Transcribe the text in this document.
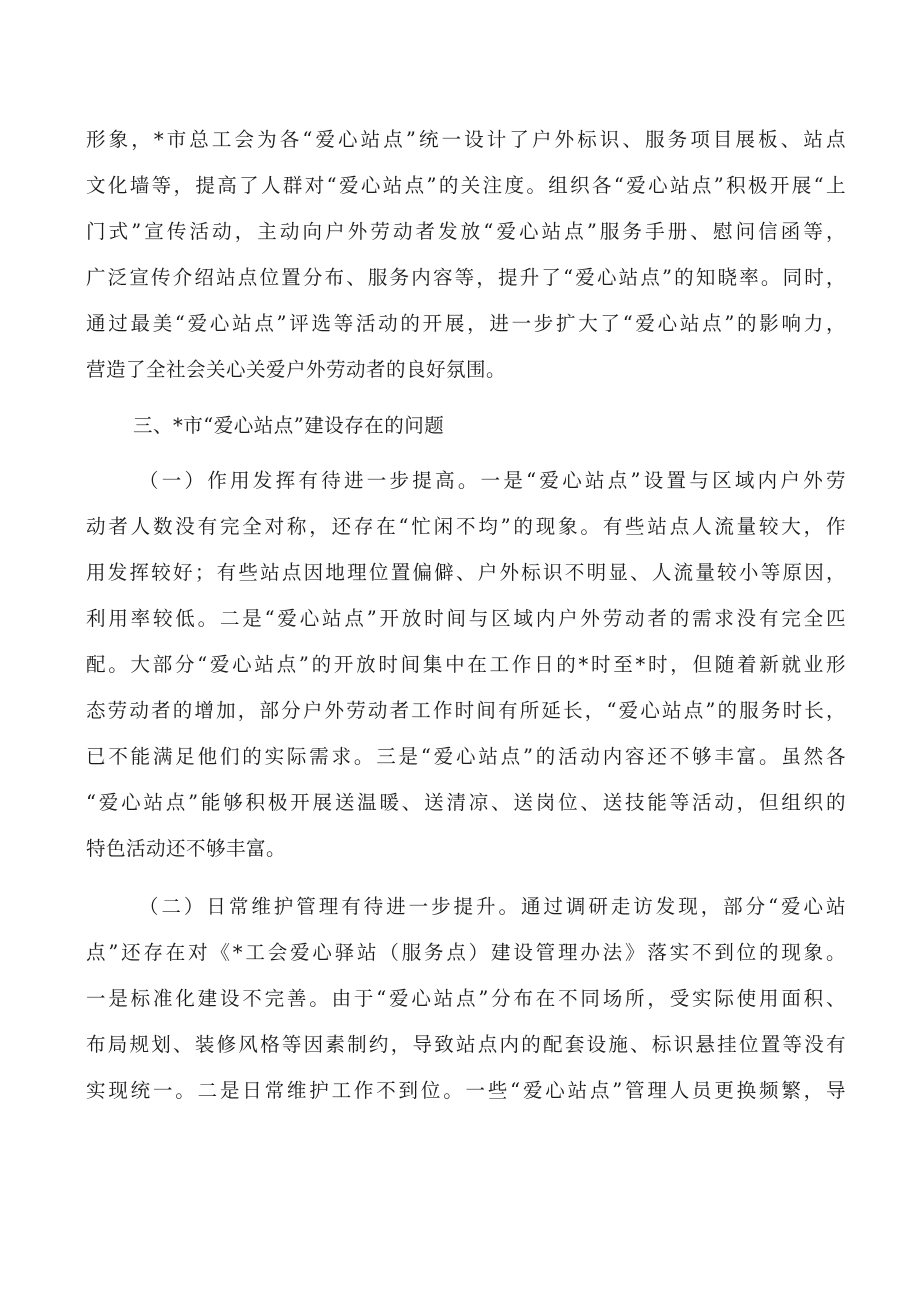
形象，*市总工会为各“爱心站点”统一设计了户外标识、服务项目展板、站点
文化墙等，提高了人群对“爱心站点”的关注度。组织各“爱心站点”积极开展“上
门式”宣传活动，主动向户外劳动者发放“爱心站点”服务手册、慰问信函等，
广泛宣传介绍站点位置分布、服务内容等，提升了“爱心站点”的知晓率。同时，
通过最美“爱心站点”评选等活动的开展，进一步扩大了“爱心站点”的影响力，
营造了全社会关心关爱户外劳动者的良好氛围。
三、*市“爱心站点”建设存在的问题
（一）作用发挥有待进一步提高。一是“爱心站点”设置与区域内户外劳
动者人数没有完全对称，还存在“忙闲不均”的现象。有些站点人流量较大，作
用发挥较好；有些站点因地理位置偏僻、户外标识不明显、人流量较小等原因，
利用率较低。二是“爱心站点”开放时间与区域内户外劳动者的需求没有完全匹
配。大部分“爱心站点”的开放时间集中在工作日的*时至*时，但随着新就业形
态劳动者的增加，部分户外劳动者工作时间有所延长，“爱心站点”的服务时长，
已不能满足他们的实际需求。三是“爱心站点”的活动内容还不够丰富。虽然各
“爱心站点”能够积极开展送温暖、送清凉、送岗位、送技能等活动，但组织的
特色活动还不够丰富。
（二）日常维护管理有待进一步提升。通过调研走访发现，部分“爱心站
点”还存在对《*工会爱心驿站（服务点）建设管理办法》落实不到位的现象。
一是标准化建设不完善。由于“爱心站点”分布在不同场所，受实际使用面积、
布局规划、装修风格等因素制约，导致站点内的配套设施、标识悬挂位置等没有
实现统一。二是日常维护工作不到位。一些“爱心站点”管理人员更换频繁，导
